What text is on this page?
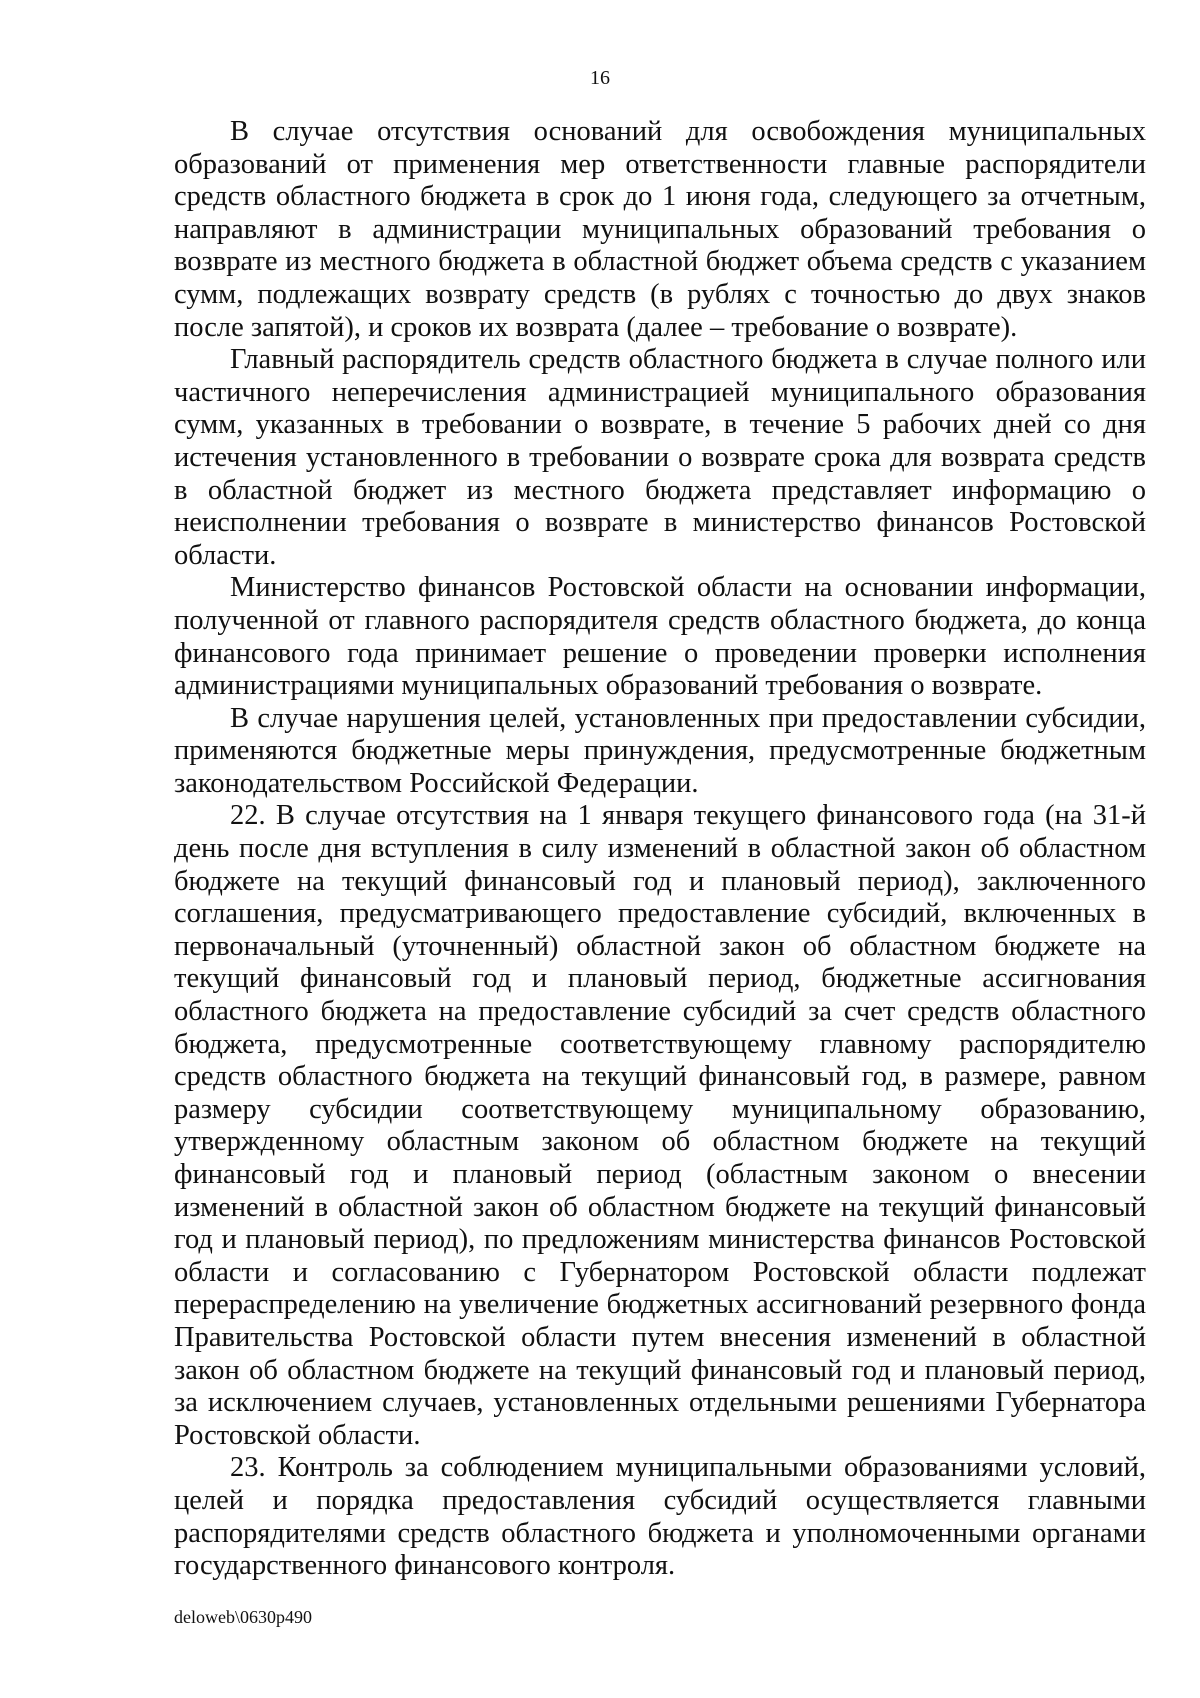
16

В случае отсутствия оснований для освобождения муниципальных образований от применения мер ответственности главные распорядители средств областного бюджета в срок до 1 июня года, следующего за отчетным, направляют в администрации муниципальных образований требования о возврате из местного бюджета в областной бюджет объема средств с указанием сумм, подлежащих возврату средств (в рублях с точностью до двух знаков после запятой), и сроков их возврата (далее – требование о возврате).

Главный распорядитель средств областного бюджета в случае полного или частичного неперечисления администрацией муниципального образования сумм, указанных в требовании о возврате, в течение 5 рабочих дней со дня истечения установленного в требовании о возврате срока для возврата средств в областной бюджет из местного бюджета представляет информацию о неисполнении требования о возврате в министерство финансов Ростовской области.

Министерство финансов Ростовской области на основании информации, полученной от главного распорядителя средств областного бюджета, до конца финансового года принимает решение о проведении проверки исполнения администрациями муниципальных образований требования о возврате.

В случае нарушения целей, установленных при предоставлении субсидии, применяются бюджетные меры принуждения, предусмотренные бюджетным законодательством Российской Федерации.

22. В случае отсутствия на 1 января текущего финансового года (на 31-й день после дня вступления в силу изменений в областной закон об областном бюджете на текущий финансовый год и плановый период), заключенного соглашения, предусматривающего предоставление субсидий, включенных в первоначальный (уточненный) областной закон об областном бюджете на текущий финансовый год и плановый период, бюджетные ассигнования областного бюджета на предоставление субсидий за счет средств областного бюджета, предусмотренные соответствующему главному распорядителю средств областного бюджета на текущий финансовый год, в размере, равном размеру субсидии соответствующему муниципальному образованию, утвержденному областным законом об областном бюджете на текущий финансовый год и плановый период (областным законом о внесении изменений в областной закон об областном бюджете на текущий финансовый год и плановый период), по предложениям министерства финансов Ростовской области и согласованию с Губернатором Ростовской области подлежат перераспределению на увеличение бюджетных ассигнований резервного фонда Правительства Ростовской области путем внесения изменений в областной закон об областном бюджете на текущий финансовый год и плановый период, за исключением случаев, установленных отдельными решениями Губернатора Ростовской области.

23. Контроль за соблюдением муниципальными образованиями условий, целей и порядка предоставления субсидий осуществляется главными распорядителями средств областного бюджета и уполномоченными органами государственного финансового контроля.

deloweb\0630p490
